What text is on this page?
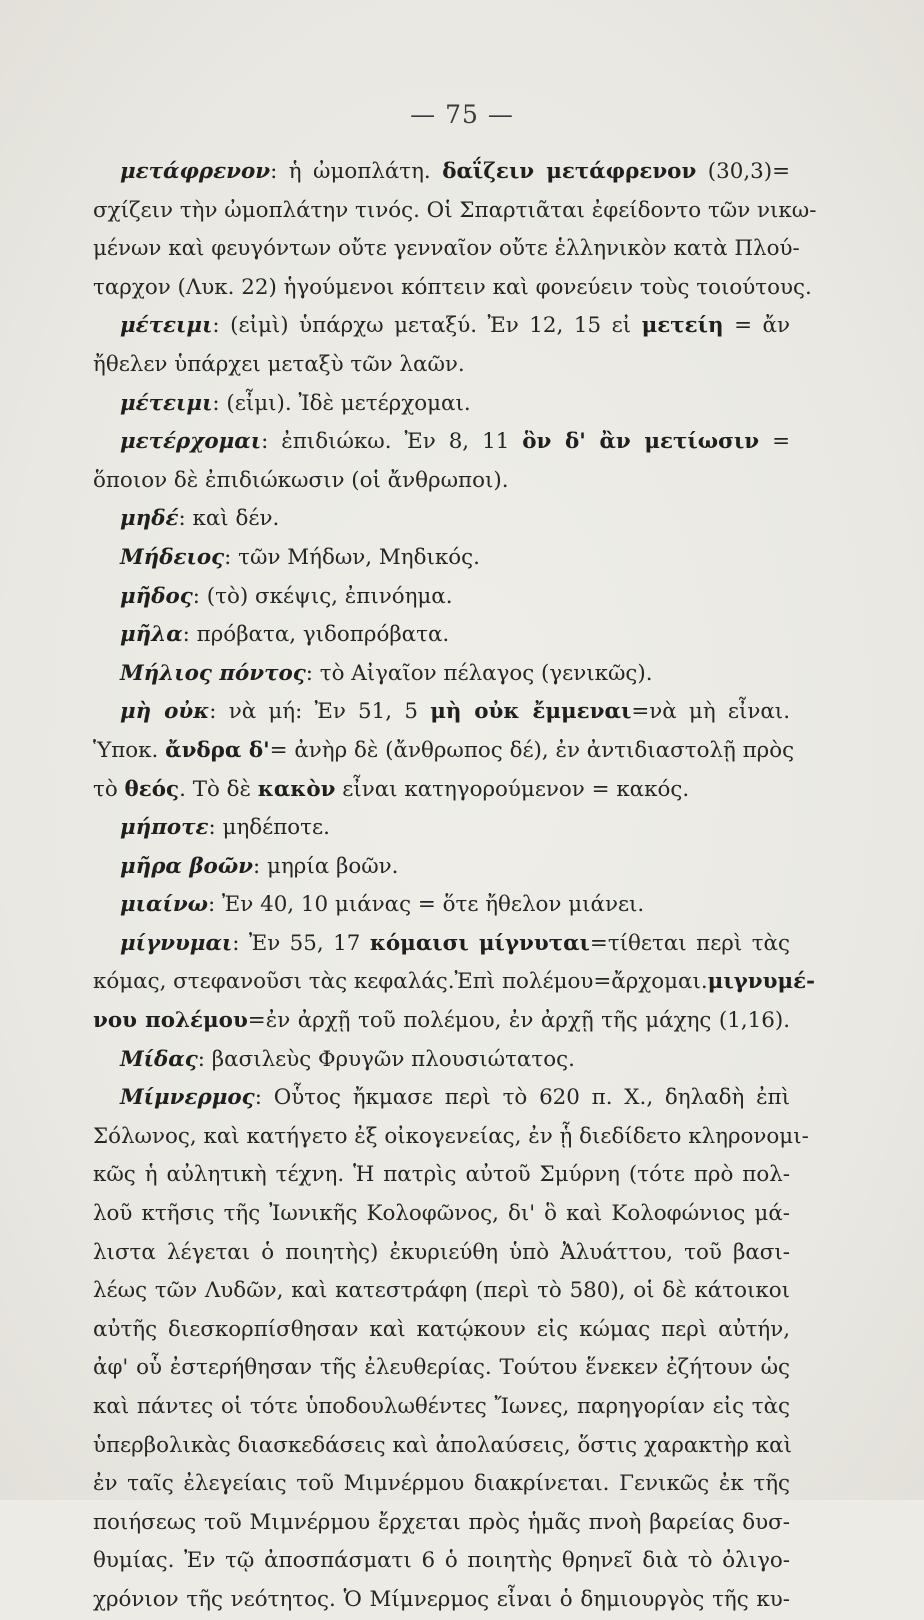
— 75 —
μετάφρενον: ἡ ὠμοπλάτη. δαΐζειν μετάφρενον (30,3)=
σχίζειν τὴν ὠμοπλάτην τινός. Οἱ Σπαρτιᾶται ἐφείδοντο τῶν νικω-
μένων καὶ φευγόντων οὔτε γενναῖον οὔτε ἑλληνικὸν κατὰ Πλού-
ταρχον (Λυκ. 22) ἡγούμενοι κόπτειν καὶ φονεύειν τοὺς τοιούτους.
μέτειμι: (εἰμὶ) ὑπάρχω μεταξύ. Ἐν 12, 15 εἰ μετείη = ἄν
ἤθελεν ὑπάρχει μεταξὺ τῶν λαῶν.
μέτειμι: (εἶμι). Ἰδὲ μετέρχομαι.
μετέρχομαι: ἐπιδιώκω. Ἐν 8, 11 ὃν δ' ἂν μετίωσιν =
ὅποιον δὲ ἐπιδιώκωσιν (οἱ ἄνθρωποι).
μηδέ: καὶ δέν.
Μήδειος: τῶν Μήδων, Μηδικός.
μῆδος: (τὸ) σκέψις, ἐπινόημα.
μῆλα: πρόβατα, γιδοπρόβατα.
Μήλιος πόντος: τὸ Αἰγαῖον πέλαγος (γενικῶς).
μὴ οὐκ: νὰ μή: Ἐν 51, 5 μὴ οὐκ ἔμμεναι=νὰ μὴ εἶναι.
Ὑποκ. ἄνδρα δ'= ἀνὴρ δὲ (ἄνθρωπος δέ), ἐν ἀντιδιαστολῇ πρὸς
τὸ θεός. Τὸ δὲ κακὸν εἶναι κατηγορούμενον = κακός.
μήποτε: μηδέποτε.
μῆρα βοῶν: μηρία βοῶν.
μιαίνω: Ἐν 40, 10 μιάνας = ὅτε ἤθελον μιάνει.
μίγνυμαι: Ἐν 55, 17 κόμαισι μίγνυται=τίθεται περὶ τὰς
κόμας, στεφανοῦσι τὰς κεφαλάς.Ἐπὶ πολέμου=ἄρχομαι.μιγνυμέ-
νου πολέμου=ἐν ἀρχῇ τοῦ πολέμου, ἐν ἀρχῇ τῆς μάχης (1,16).
Μίδας: βασιλεὺς Φρυγῶν πλουσιώτατος.
Μίμνερμος: Οὗτος ἤκμασε περὶ τὸ 620 π. Χ., δηλαδὴ ἐπὶ
Σόλωνος, καὶ κατήγετο ἐξ οἰκογενείας, ἐν ᾗ διεδίδετο κληρονομι-
κῶς ἡ αὐλητικὴ τέχνη. Ἡ πατρὶς αὐτοῦ Σμύρνη (τότε πρὸ πολ-
λοῦ κτῆσις τῆς Ἰωνικῆς Κολοφῶνος, δι' ὃ καὶ Κολοφώνιος μά-
λιστα λέγεται ὁ ποιητὴς) ἐκυριεύθη ὑπὸ Ἀλυάττου, τοῦ βασι-
λέως τῶν Λυδῶν, καὶ κατεστράφη (περὶ τὸ 580), οἱ δὲ κάτοικοι
αὐτῆς διεσκορπίσθησαν καὶ κατῴκουν εἰς κώμας περὶ αὐτήν,
ἀφ' οὗ ἐστερήθησαν τῆς ἐλευθερίας. Τούτου ἕνεκεν ἐζήτουν ὡς
καὶ πάντες οἱ τότε ὑποδουλωθέντες Ἴωνες, παρηγορίαν εἰς τὰς
ὑπερβολικὰς διασκεδάσεις καὶ ἀπολαύσεις, ὅστις χαρακτὴρ καὶ
ἐν ταῖς ἐλεγείαις τοῦ Μιμνέρμου διακρίνεται. Γενικῶς ἐκ τῆς
ποιήσεως τοῦ Μιμνέρμου ἔρχεται πρὸς ἡμᾶς πνοὴ βαρείας δυσ-
θυμίας. Ἐν τῷ ἀποσπάσματι 6 ὁ ποιητὴς θρηνεῖ διὰ τὸ ὀλιγο-
χρόνιον τῆς νεότητος. Ὁ Μίμνερμος εἶναι ὁ δημιουργὸς τῆς κυ-
